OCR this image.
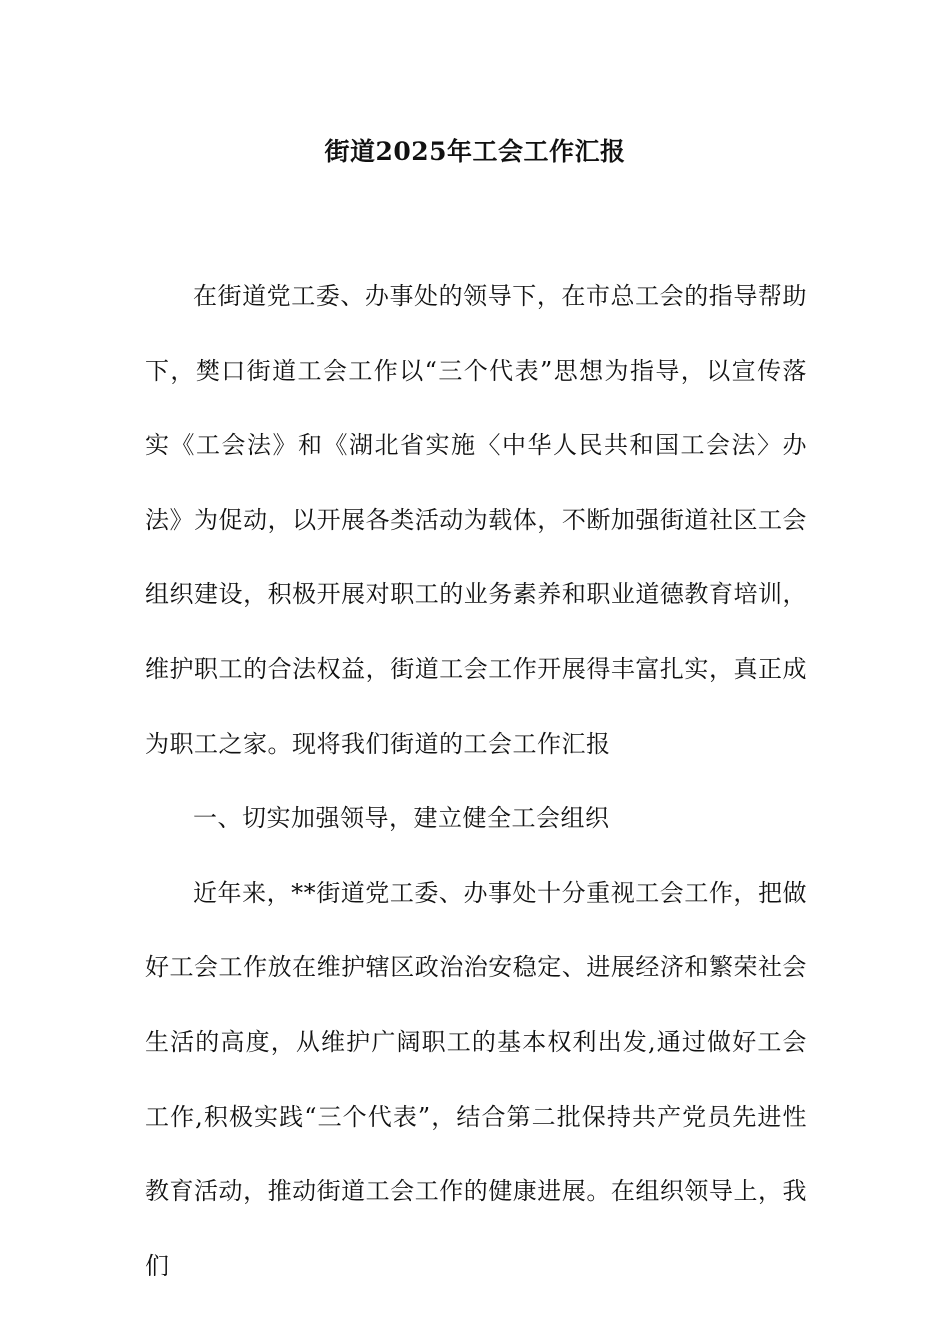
街道2025年工会工作汇报

在街道党工委、办事处的领导下，在市总工会的指导帮助下，樊口街道工会工作以“三个代表”思想为指导，以宣传落实《工会法》和《湖北省实施〈中华人民共和国工会法〉办法》为促动，以开展各类活动为载体，不断加强街道社区工会组织建设，积极开展对职工的业务素养和职业道德教育培训，维护职工的合法权益，街道工会工作开展得丰富扎实，真正成为职工之家。现将我们街道的工会工作汇报

一、切实加强领导，建立健全工会组织

近年来，**街道党工委、办事处十分重视工会工作，把做好工会工作放在维护辖区政治治安稳定、进展经济和繁荣社会生活的高度，从维护广阔职工的基本权利出发,通过做好工会工作,积极实践“三个代表”，结合第二批保持共产党员先进性教育活动，推动街道工会工作的健康进展。在组织领导上，我们
